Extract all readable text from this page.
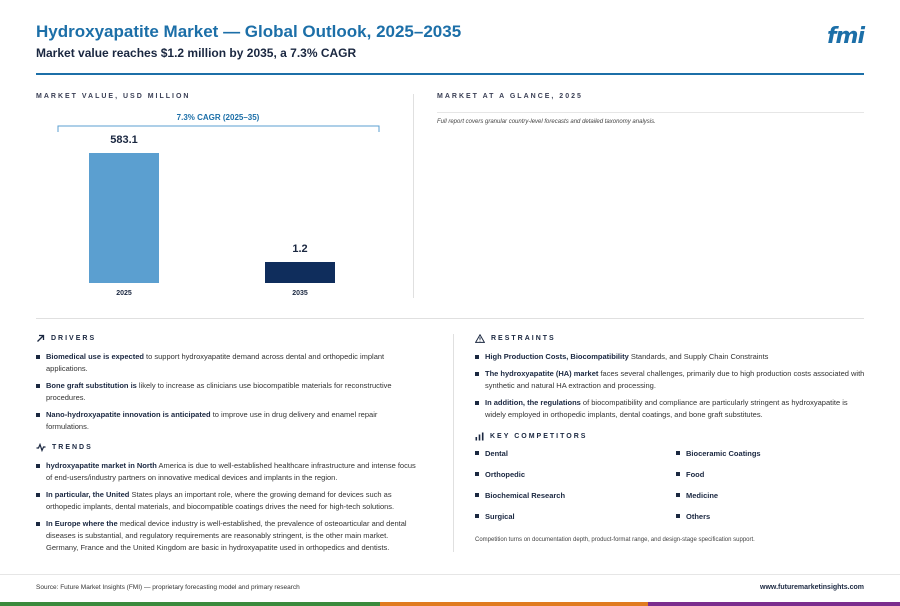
Hydroxyapatite Market — Global Outlook, 2025–2035
Market value reaches $1.2 million by 2035, a 7.3% CAGR
fmi
MARKET VALUE, USD MILLION	MARKET AT A GLANCE, 2025
Full report covers granular country-level forecasts and detailed taxonomy analysis.
7.3% CAGR (2025–35)
583.1
2025
1.2
2035
DRIVERS
Biomedical use is expected to support hydroxyapatite demand across dental and orthopedic implant applications.
Bone graft substitution is likely to increase as clinicians use biocompatible materials for reconstructive procedures.
Nano-hydroxyapatite innovation is anticipated to improve use in drug delivery and enamel repair formulations.
TRENDS
hydroxyapatite market in North America is due to well-established healthcare infrastructure and intense focus of end-users/industry partners on innovative medical devices and implants in the region.
In particular, the United States plays an important role, where the growing demand for devices such as orthopedic implants, dental materials, and biocompatible coatings drives the need for high-tech solutions.
In Europe where the medical device industry is well-established, the prevalence of osteoarticular and dental diseases is substantial, and regulatory requirements are reasonably stringent, is the other main market. Germany, France and the United Kingdom are basic in hydroxyapatite used in orthopedics and dentists.
RESTRAINTS
High Production Costs, Biocompatibility Standards, and Supply Chain Constraints
The hydroxyapatite (HA) market faces several challenges, primarily due to high production costs associated with synthetic and natural HA extraction and processing.
In addition, the regulations of biocompatibility and compliance are particularly stringent as hydroxyapatite is widely employed in orthopedic implants, dental coatings, and bone graft substitutes.
KEY COMPETITORS
Dental	Bioceramic Coatings
Orthopedic	Food
Biochemical Research	Medicine
Surgical	Others
Competition turns on documentation depth, product-format range, and design-stage specification support.
Source: Future Market Insights (FMI) — proprietary forecasting model and primary research	www.futuremarketinsights.com
